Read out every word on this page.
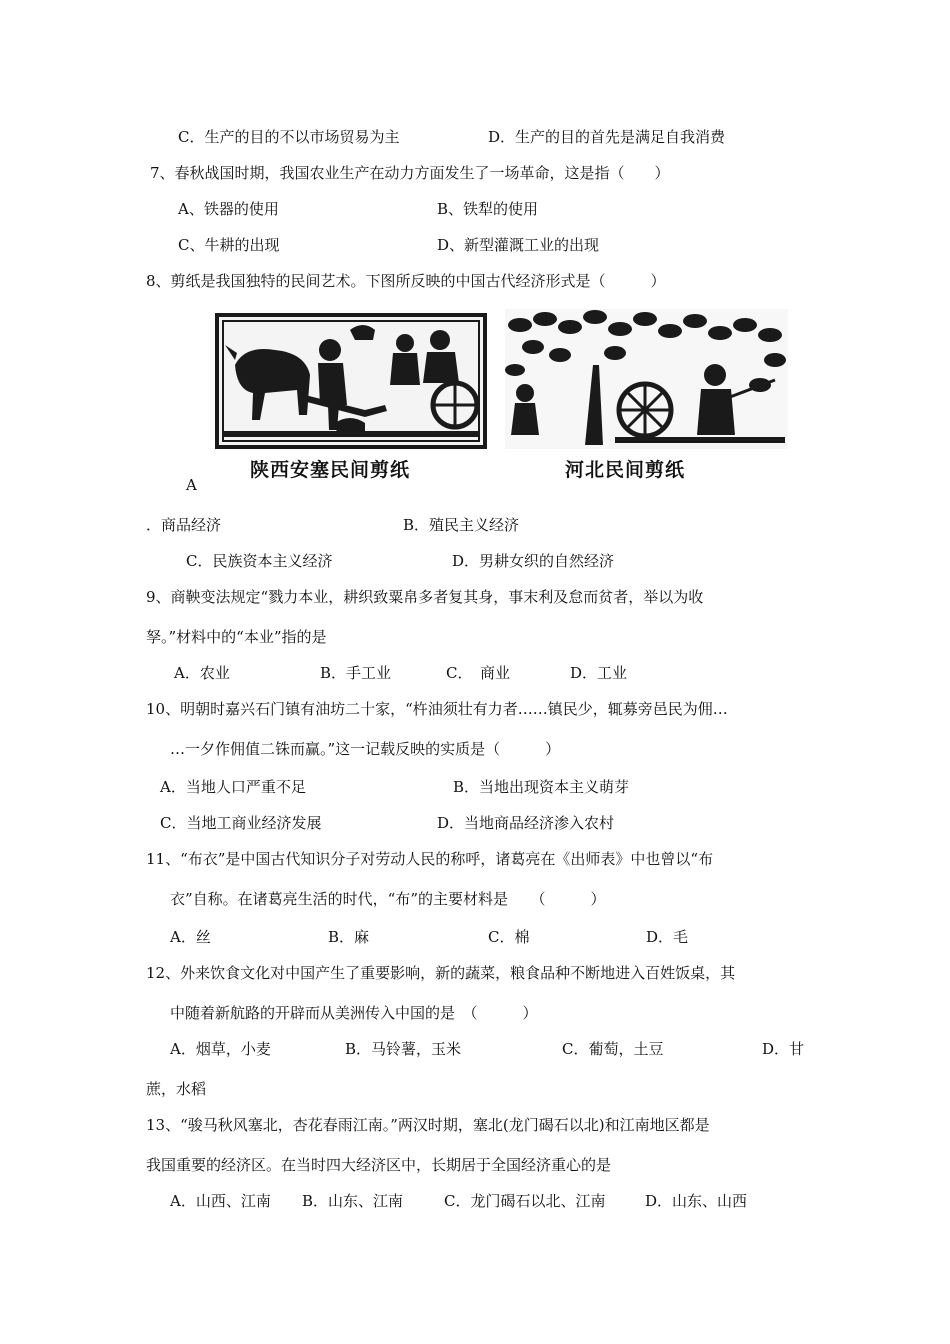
C．生产的目的不以市场贸易为主	D．生产的目的首先是满足自我消费
7、春秋战国时期，我国农业生产在动力方面发生了一场革命，这是指（　　）
A、铁器的使用	B、铁犁的使用
C、牛耕的出现	D、新型灌溉工业的出现
8、剪纸是我国独特的民间艺术。下图所反映的中国古代经济形式是（　　　）
陕西安塞民间剪纸	河北民间剪纸
A
．商品经济	B．殖民主义经济
C．民族资本主义经济	D．男耕女织的自然经济
9、商鞅变法规定“戮力本业，耕织致粟帛多者复其身，事末利及怠而贫者，举以为收
孥。”材料中的“本业”指的是
A．农业	B．手工业	C．　商业	D．工业
10、明朝时嘉兴石门镇有油坊二十家，“杵油须壮有力者……镇民少，辄募旁邑民为佣…
…一夕作佣值二铢而赢。”这一记载反映的实质是（　　　）
A．当地人口严重不足	B．当地出现资本主义萌芽
C．当地工商业经济发展	D．当地商品经济渗入农村
11、“布衣”是中国古代知识分子对劳动人民的称呼，诸葛亮在《出师表》中也曾以“布
衣”自称。在诸葛亮生活的时代，“布”的主要材料是　　（　　　）
A．丝	B．麻	C．棉	D．毛
12、外来饮食文化对中国产生了重要影响，新的蔬菜，粮食品种不断地进入百姓饭桌，其
中随着新航路的开辟而从美洲传入中国的是　（　　　）
A．烟草，小麦	B．马铃薯，玉米	C．葡萄，土豆	D．甘
蔗，水稻
13、“骏马秋风塞北，杏花春雨江南。”两汉时期，塞北(龙门碣石以北)和江南地区都是
我国重要的经济区。在当时四大经济区中，长期居于全国经济重心的是
A．山西、江南 B．山东、江南	C．龙门碣石以北、江南	D．山东、山西
